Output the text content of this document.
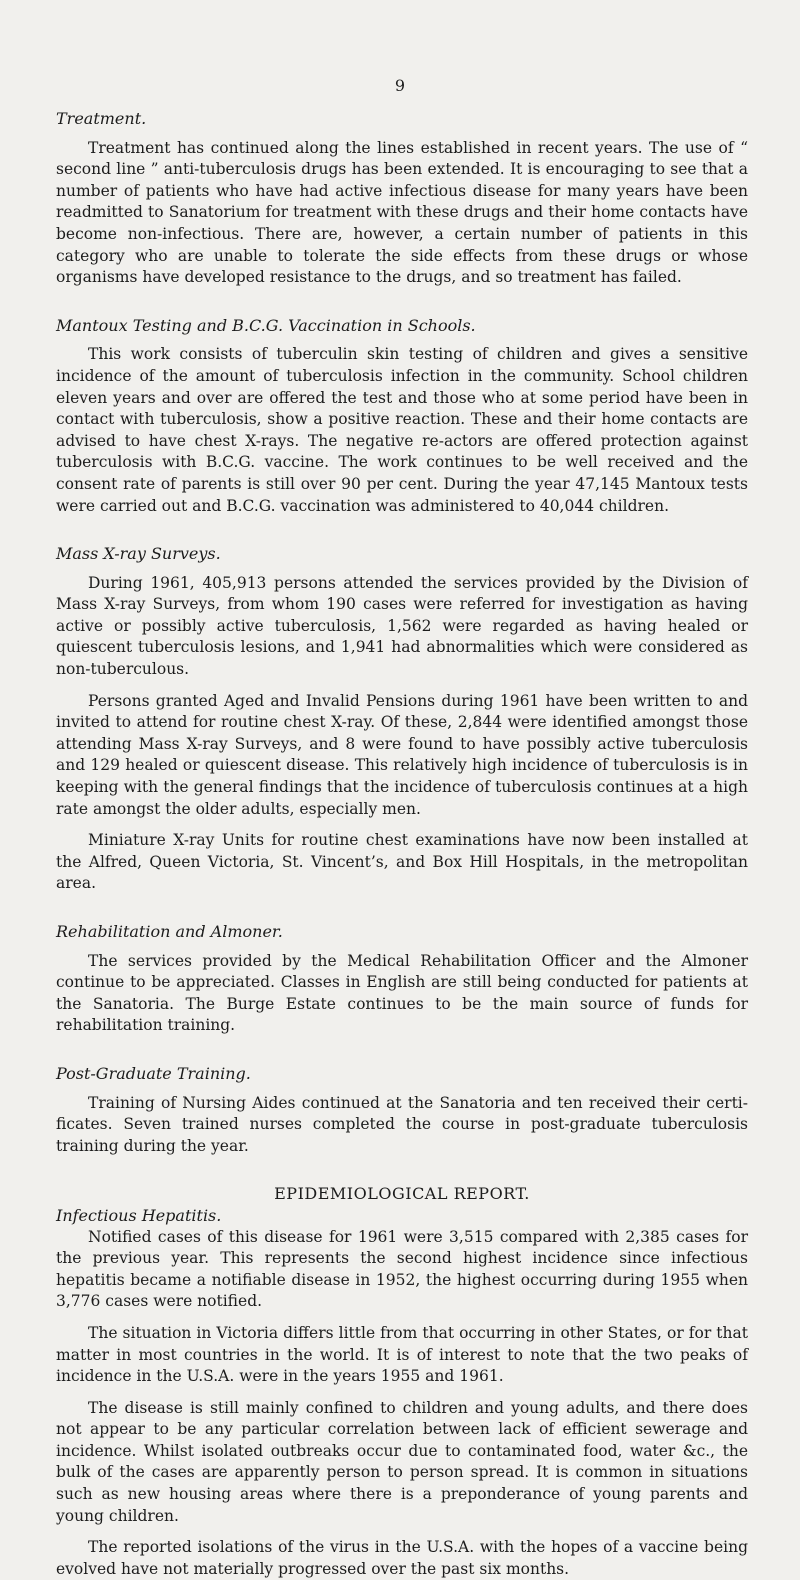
9
Treatment.

Treatment has continued along the lines established in recent years. The use of “ second line ” anti-tuberculosis drugs has been extended. It is encouraging to see that a number of patients who have had active infectious disease for many years have been readmitted to Sanatorium for treatment with these drugs and their home contacts have become non-infectious. There are, however, a certain number of patients in this category who are unable to tolerate the side effects from these drugs or whose organisms have developed resistance to the drugs, and so treatment has failed.

Mantoux Testing and B.C.G. Vaccination in Schools.

This work consists of tuberculin skin testing of children and gives a sensitive incidence of the amount of tuberculosis infection in the community. School children eleven years and over are offered the test and those who at some period have been in contact with tuberculosis, show a positive reaction. These and their home contacts are advised to have chest X-rays. The negative re-actors are offered protection against tuberculosis with B.C.G. vaccine. The work continues to be well received and the consent rate of parents is still over 90 per cent. During the year 47,145 Mantoux tests were carried out and B.C.G. vaccination was administered to 40,044 children.

Mass X-ray Surveys.

During 1961, 405,913 persons attended the services provided by the Division of Mass X-ray Surveys, from whom 190 cases were referred for investigation as having active or possibly active tuberculosis, 1,562 were regarded as having healed or quiescent tuberculosis lesions, and 1,941 had abnormalities which were considered as non-tuberculous.

Persons granted Aged and Invalid Pensions during 1961 have been written to and invited to attend for routine chest X-ray. Of these, 2,844 were identified amongst those attending Mass X-ray Surveys, and 8 were found to have possibly active tuberculosis and 129 healed or quiescent disease. This relatively high incidence of tuberculosis is in keeping with the general findings that the incidence of tuberculosis continues at a high rate amongst the older adults, especially men.

Miniature X-ray Units for routine chest examinations have now been installed at the Alfred, Queen Victoria, St. Vincent’s, and Box Hill Hospitals, in the metropolitan area.

Rehabilitation and Almoner.

The services provided by the Medical Rehabilitation Officer and the Almoner continue to be appreciated. Classes in English are still being conducted for patients at the Sanatoria. The Burge Estate continues to be the main source of funds for rehabilitation training.

Post-Graduate Training.

Training of Nursing Aides continued at the Sanatoria and ten received their certi- ficates. Seven trained nurses completed the course in post-graduate tuberculosis training during the year.

EPIDEMIOLOGICAL REPORT.
Infectious Hepatitis.

Notified cases of this disease for 1961 were 3,515 compared with 2,385 cases for the previous year. This represents the second highest incidence since infectious hepatitis became a notifiable disease in 1952, the highest occurring during 1955 when 3,776 cases were notified.

The situation in Victoria differs little from that occurring in other States, or for that matter in most countries in the world. It is of interest to note that the two peaks of incidence in the U.S.A. were in the years 1955 and 1961.

The disease is still mainly confined to children and young adults, and there does not appear to be any particular correlation between lack of efficient sewerage and incidence. Whilst isolated outbreaks occur due to contaminated food, water &c., the bulk of the cases are apparently person to person spread. It is common in situations such as new housing areas where there is a preponderance of young parents and young children.

The reported isolations of the virus in the U.S.A. with the hopes of a vaccine being evolved have not materially progressed over the past six months.
